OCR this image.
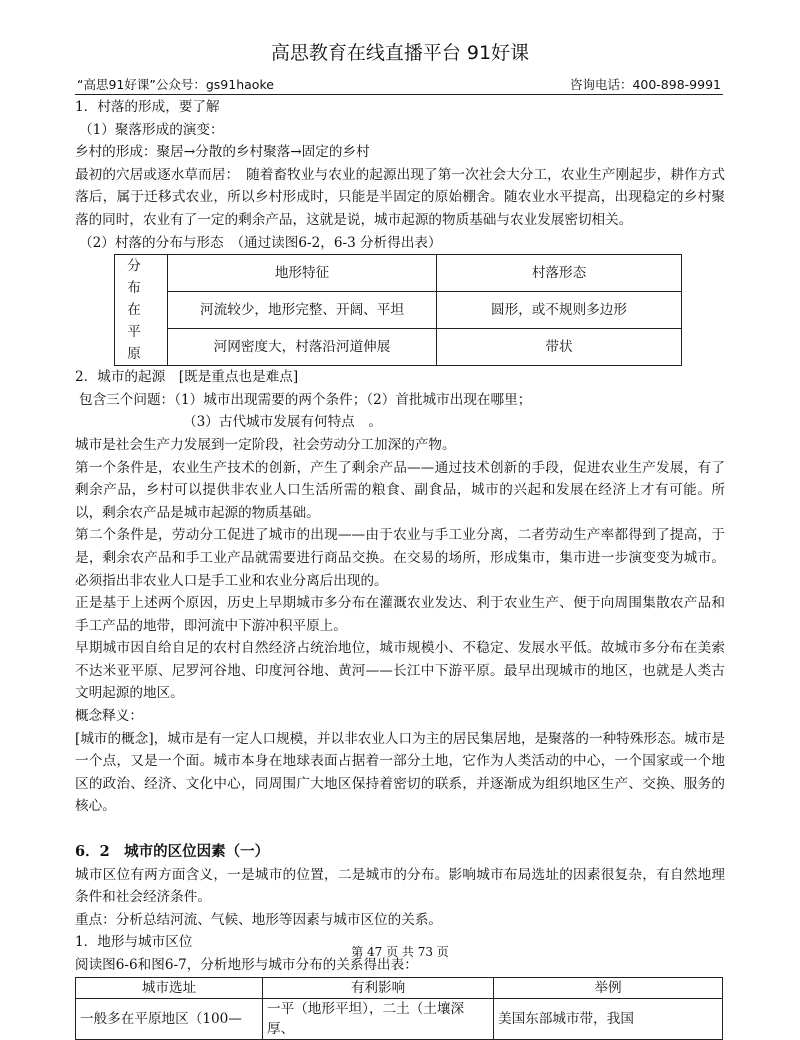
高思教育在线直播平台 91好课
“高思91好课”公众号：gs91haoke	咨询电话：400-898-9991

1．村落的形成，要了解

（1）聚落形成的演变：

乡村的形成：聚居→分散的乡村聚落→固定的乡村

最初的穴居或逐水草而居：　随着畜牧业与农业的起源出现了第一次社会大分工，农业生产刚起步，耕作方式落后，属于迁移式农业，所以乡村形成时，只能是半固定的原始棚舍。随农业水平提高，出现稳定的乡村聚落的同时，农业有了一定的剩余产品，这就是说，城市起源的物质基础与农业发展密切相关。

（2）村落的分布与形态　（通过读图6-2，6-3 分析得出表）

分布在平原	地形特征	村落形态
	河流较少，地形完整、开阔、平坦	圆形，或不规则多边形
	河网密度大，村落沿河道伸展	带状

2．城市的起源　[既是重点也是难点]

包含三个问题：（1）城市出现需要的两个条件；（2）首批城市出现在哪里；

（3）古代城市发展有何特点　。

城市是社会生产力发展到一定阶段，社会劳动分工加深的产物。

第一个条件是，农业生产技术的创新，产生了剩余产品——通过技术创新的手段，促进农业生产发展，有了剩余产品，乡村可以提供非农业人口生活所需的粮食、副食品，城市的兴起和发展在经济上才有可能。所以，剩余农产品是城市起源的物质基础。

第二个条件是，劳动分工促进了城市的出现——由于农业与手工业分离，二者劳动生产率都得到了提高，于是，剩余农产品和手工业产品就需要进行商品交换。在交易的场所，形成集市，集市进一步演变变为城市。必须指出非农业人口是手工业和农业分离后出现的。

正是基于上述两个原因，历史上早期城市多分布在灌溉农业发达、利于农业生产、便于向周围集散农产品和手工产品的地带，即河流中下游冲积平原上。

早期城市因自给自足的农村自然经济占统治地位，城市规模小、不稳定、发展水平低。故城市多分布在美索不达米亚平原、尼罗河谷地、印度河谷地、黄河——长江中下游平原。最早出现城市的地区，也就是人类古文明起源的地区。

概念释义：

[城市的概念]，城市是有一定人口规模，并以非农业人口为主的居民集居地，是聚落的一种特殊形态。城市是一个点，又是一个面。城市本身在地球表面占据着一部分土地，它作为人类活动的中心，一个国家或一个地区的政治、经济、文化中心，同周围广大地区保持着密切的联系，并逐渐成为组织地区生产、交换、服务的核心。

6．2　城市的区位因素（一）

城市区位有两方面含义，一是城市的位置，二是城市的分布。影响城市布局选址的因素很复杂，有自然地理条件和社会经济条件。

重点：分析总结河流、气候、地形等因素与城市区位的关系。

1．地形与城市区位

阅读图6-6和图6-7，分析地形与城市分布的关系得出表：

城市选址	有利影响	举例
一般多在平原地区（100—	一平（地形平坦），二土（土壤深厚、	美国东部城市带，我国
第 47 页 共 73 页
